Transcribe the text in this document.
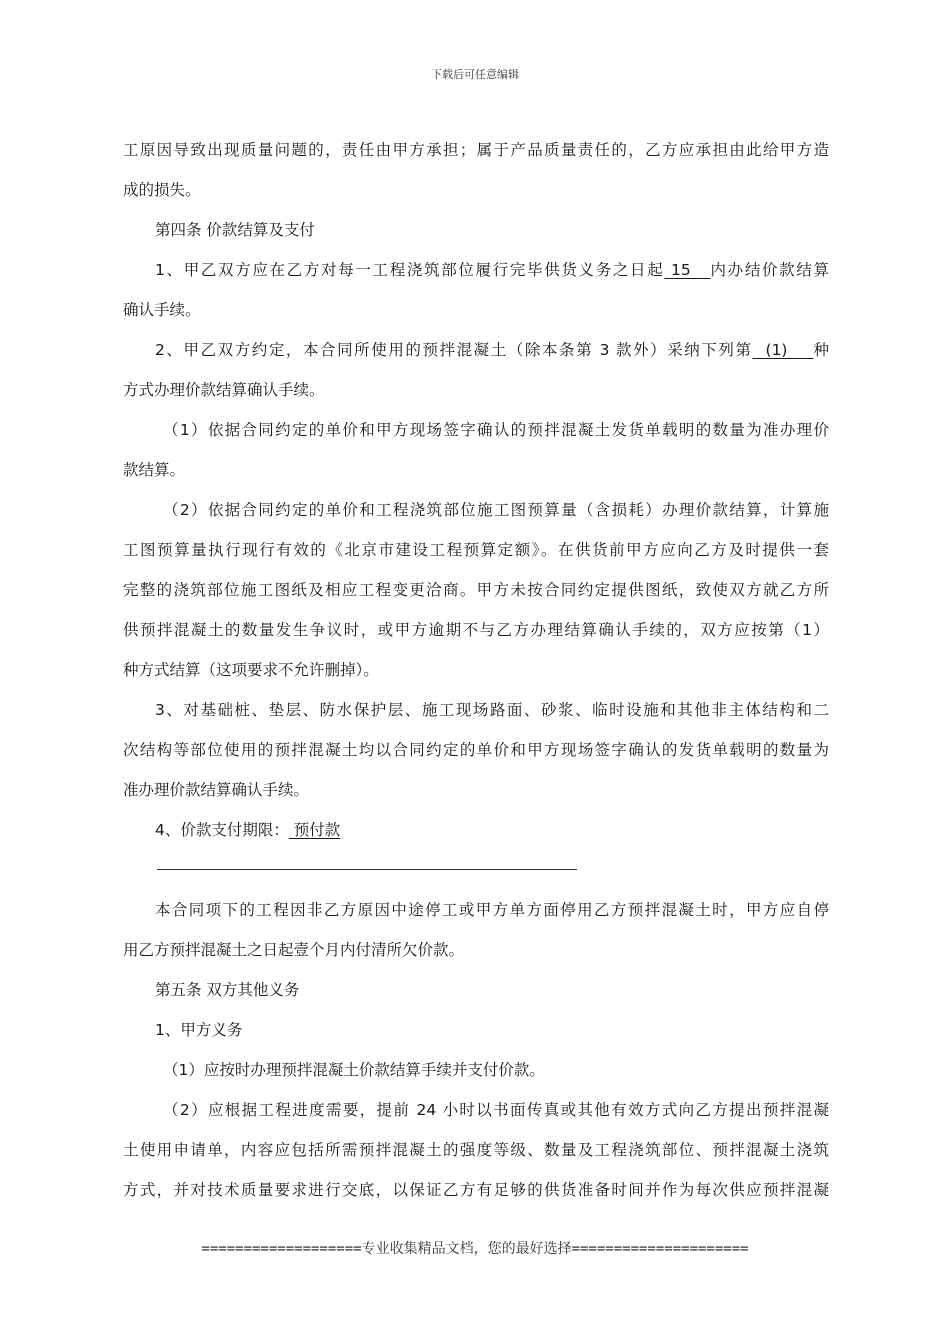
下载后可任意编辑
工原因导致出现质量问题的，责任由甲方承担；属于产品质量责任的，乙方应承担由此给甲方造
成的损失。
第四条 价款结算及支付
1、甲乙双方应在乙方对每一工程浇筑部位履行完毕供货义务之日起 15   内办结价款结算
确认手续。
2、甲乙双方约定，本合同所使用的预拌混凝土（除本条第 3 款外）采纳下列第  (1)    种
方式办理价款结算确认手续。
（1）依据合同约定的单价和甲方现场签字确认的预拌混凝土发货单载明的数量为准办理价
款结算。
（2）依据合同约定的单价和工程浇筑部位施工图预算量（含损耗）办理价款结算，计算施
工图预算量执行现行有效的《北京市建设工程预算定额》。在供货前甲方应向乙方及时提供一套
完整的浇筑部位施工图纸及相应工程变更洽商。甲方未按合同约定提供图纸，致使双方就乙方所
供预拌混凝土的数量发生争议时，或甲方逾期不与乙方办理结算确认手续的，双方应按第（1）
种方式结算（这项要求不允许删掉）。
3、对基础桩、垫层、防水保护层、施工现场路面、砂浆、临时设施和其他非主体结构和二
次结构等部位使用的预拌混凝土均以合同约定的单价和甲方现场签字确认的发货单载明的数量为
准办理价款结算确认手续。
4、价款支付期限： 预付款
本合同项下的工程因非乙方原因中途停工或甲方单方面停用乙方预拌混凝土时，甲方应自停
用乙方预拌混凝土之日起壹个月内付清所欠价款。
第五条 双方其他义务
1、甲方义务
（1）应按时办理预拌混凝土价款结算手续并支付价款。
（2）应根据工程进度需要，提前 24 小时以书面传真或其他有效方式向乙方提出预拌混凝
土使用申请单，内容应包括所需预拌混凝土的强度等级、数量及工程浇筑部位、预拌混凝土浇筑
方式，并对技术质量要求进行交底，以保证乙方有足够的供货准备时间并作为每次供应预拌混凝
===================专业收集精品文档，您的最好选择=====================
